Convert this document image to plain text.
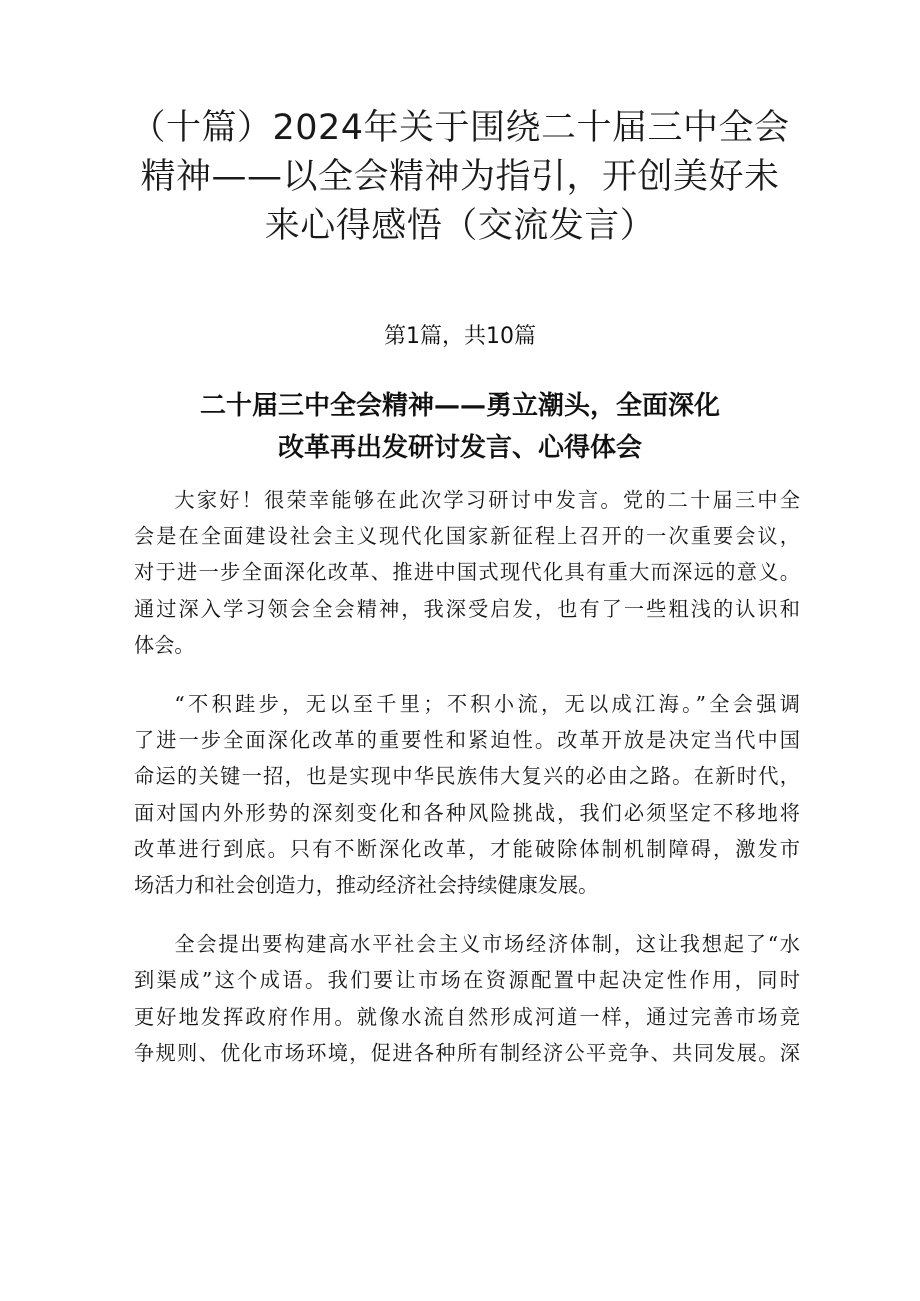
（十篇）2024年关于围绕二十届三中全会
精神——以全会精神为指引，开创美好未
来心得感悟（交流发言）

第1篇，共10篇

二十届三中全会精神——勇立潮头，全面深化
改革再出发研讨发言、心得体会

大家好！很荣幸能够在此次学习研讨中发言。党的二十届三中全
会是在全面建设社会主义现代化国家新征程上召开的一次重要会议，
对于进一步全面深化改革、推进中国式现代化具有重大而深远的意义。
通过深入学习领会全会精神，我深受启发，也有了一些粗浅的认识和
体会。

“不积跬步，无以至千里；不积小流，无以成江海。”全会强调
了进一步全面深化改革的重要性和紧迫性。改革开放是决定当代中国
命运的关键一招，也是实现中华民族伟大复兴的必由之路。在新时代，
面对国内外形势的深刻变化和各种风险挑战，我们必须坚定不移地将
改革进行到底。只有不断深化改革，才能破除体制机制障碍，激发市
场活力和社会创造力，推动经济社会持续健康发展。

全会提出要构建高水平社会主义市场经济体制，这让我想起了“水
到渠成”这个成语。我们要让市场在资源配置中起决定性作用，同时
更好地发挥政府作用。就像水流自然形成河道一样，通过完善市场竞
争规则、优化市场环境，促进各种所有制经济公平竞争、共同发展。深
